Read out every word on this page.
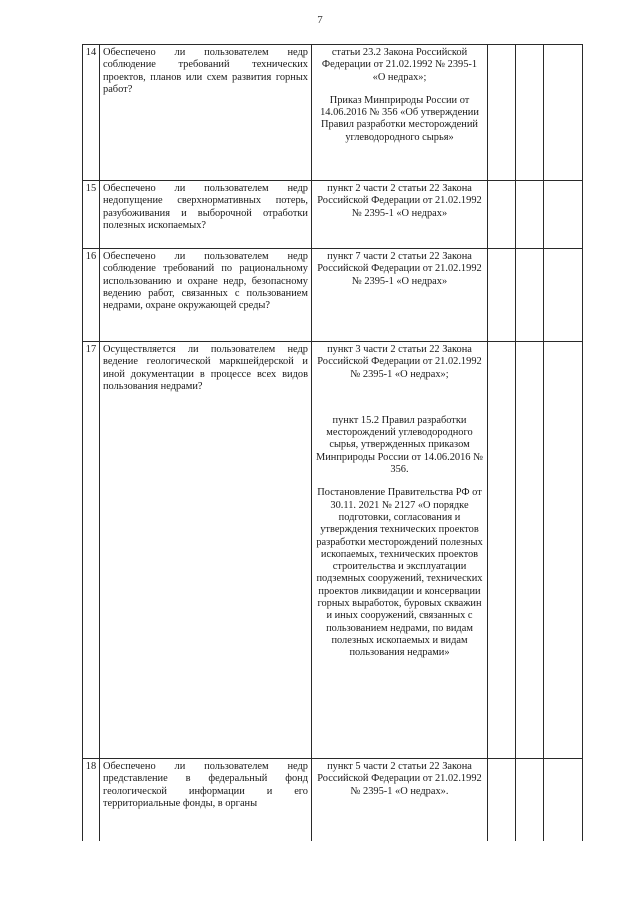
7
14	Обеспечено ли пользователем недр соблюдение требований технических проектов, планов или схем развития горных работ?	статьи 23.2 Закона Российской Федерации от 21.02.1992 № 2395-1 «О недрах»;

Приказ Минприроды России от 14.06.2016 № 356 «Об утверждении Правил разработки месторождений углеводородного сырья»			

15	Обеспечено ли пользователем недр недопущение сверхнормативных потерь, разубоживания и выборочной отработки полезных ископаемых?	пункт 2 части 2 статьи 22 Закона Российской Федерации от 21.02.1992 № 2395-1 «О недрах»			

16	Обеспечено ли пользователем недр соблюдение требований по рациональному использованию и охране недр, безопасному ведению работ, связанных с пользованием недрами, охране окружающей среды?	пункт 7 части 2 статьи 22 Закона Российской Федерации от 21.02.1992 № 2395-1 «О недрах»			

17	Осуществляется ли пользователем недр ведение геологической маркшейдерской и иной документации в процессе всех видов пользования недрами?	пункт 3 части 2 статьи 22 Закона Российской Федерации от 21.02.1992 № 2395-1 «О недрах»;

пункт 15.2 Правил разработки месторождений углеводородного сырья, утвержденных приказом Минприроды России от 14.06.2016 № 356.

Постановление Правительства РФ от 30.11. 2021 № 2127 «О порядке подготовки, согласования и утверждения технических проектов разработки месторождений полезных ископаемых, технических проектов строительства и эксплуатации подземных сооружений, технических проектов ликвидации и консервации горных выработок, буровых скважин и иных сооружений, связанных с пользованием недрами, по видам полезных ископаемых и видам пользования недрами»			

18	Обеспечено ли пользователем недр представление в федеральный фонд геологической информации и его территориальные фонды, в органы	пункт 5 части 2 статьи 22 Закона Российской Федерации от 21.02.1992 № 2395-1 «О недрах».			
